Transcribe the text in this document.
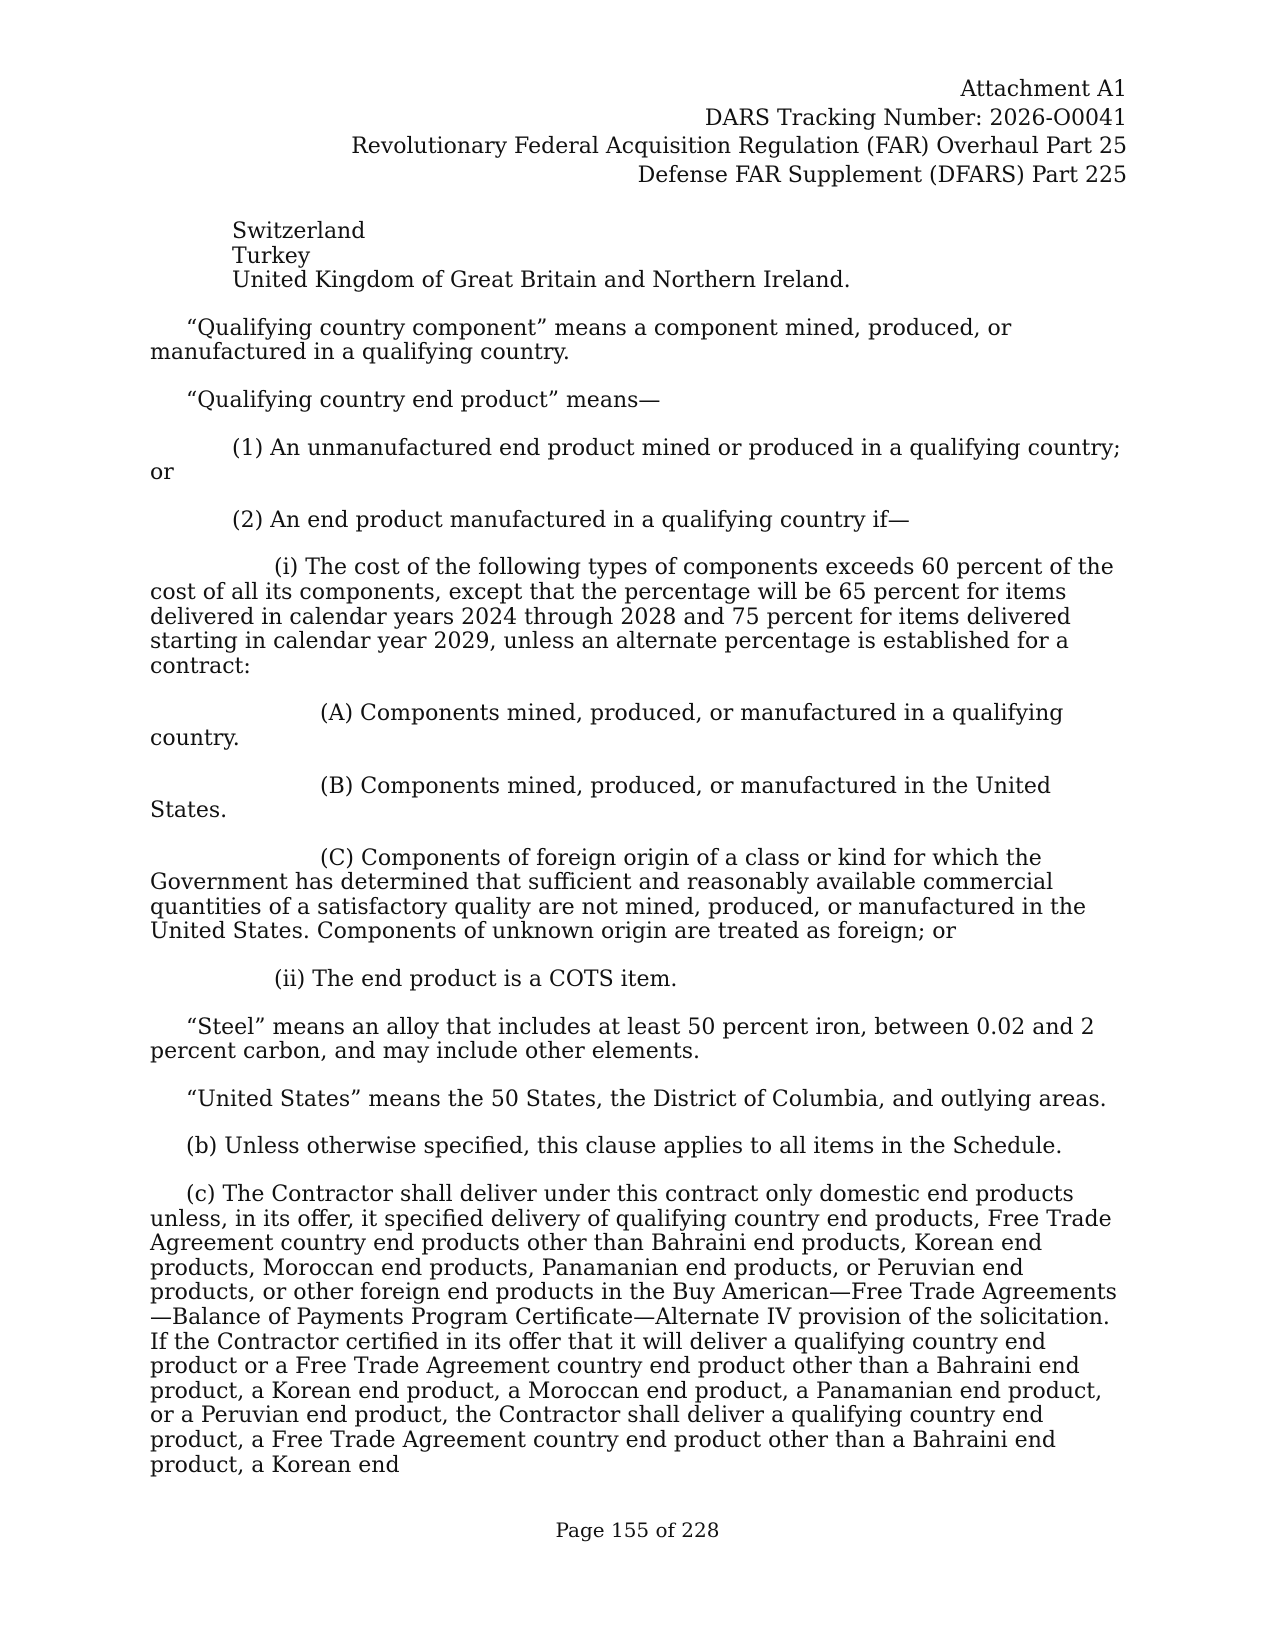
Attachment A1
DARS Tracking Number: 2026-O0041
Revolutionary Federal Acquisition Regulation (FAR) Overhaul Part 25
Defense FAR Supplement (DFARS) Part 225
Switzerland
Turkey
United Kingdom of Great Britain and Northern Ireland.

“Qualifying country component” means a component mined, produced, or manufactured in a qualifying country.

“Qualifying country end product” means—

(1) An unmanufactured end product mined or produced in a qualifying country; or

(2) An end product manufactured in a qualifying country if—

(i) The cost of the following types of components exceeds 60 percent of the cost of all its components, except that the percentage will be 65 percent for items delivered in calendar years 2024 through 2028 and 75 percent for items delivered starting in calendar year 2029, unless an alternate percentage is established for a contract:

(A) Components mined, produced, or manufactured in a qualifying country.

(B) Components mined, produced, or manufactured in the United States.

(C) Components of foreign origin of a class or kind for which the Government has determined that sufficient and reasonably available commercial quantities of a satisfactory quality are not mined, produced, or manufactured in the United States. Components of unknown origin are treated as foreign; or

(ii) The end product is a COTS item.

“Steel” means an alloy that includes at least 50 percent iron, between 0.02 and 2 percent carbon, and may include other elements.

“United States” means the 50 States, the District of Columbia, and outlying areas.

(b) Unless otherwise specified, this clause applies to all items in the Schedule.

(c) The Contractor shall deliver under this contract only domestic end products unless, in its offer, it specified delivery of qualifying country end products, Free Trade Agreement country end products other than Bahraini end products, Korean end products, Moroccan end products, Panamanian end products, or Peruvian end products, or other foreign end products in the Buy American—Free Trade Agreements—Balance of Payments Program Certificate—Alternate IV provision of the solicitation. If the Contractor certified in its offer that it will deliver a qualifying country end product or a Free Trade Agreement country end product other than a Bahraini end product, a Korean end product, a Moroccan end product, a Panamanian end product, or a Peruvian end product, the Contractor shall deliver a qualifying country end product, a Free Trade Agreement country end product other than a Bahraini end product, a Korean end

Page 155 of 228
